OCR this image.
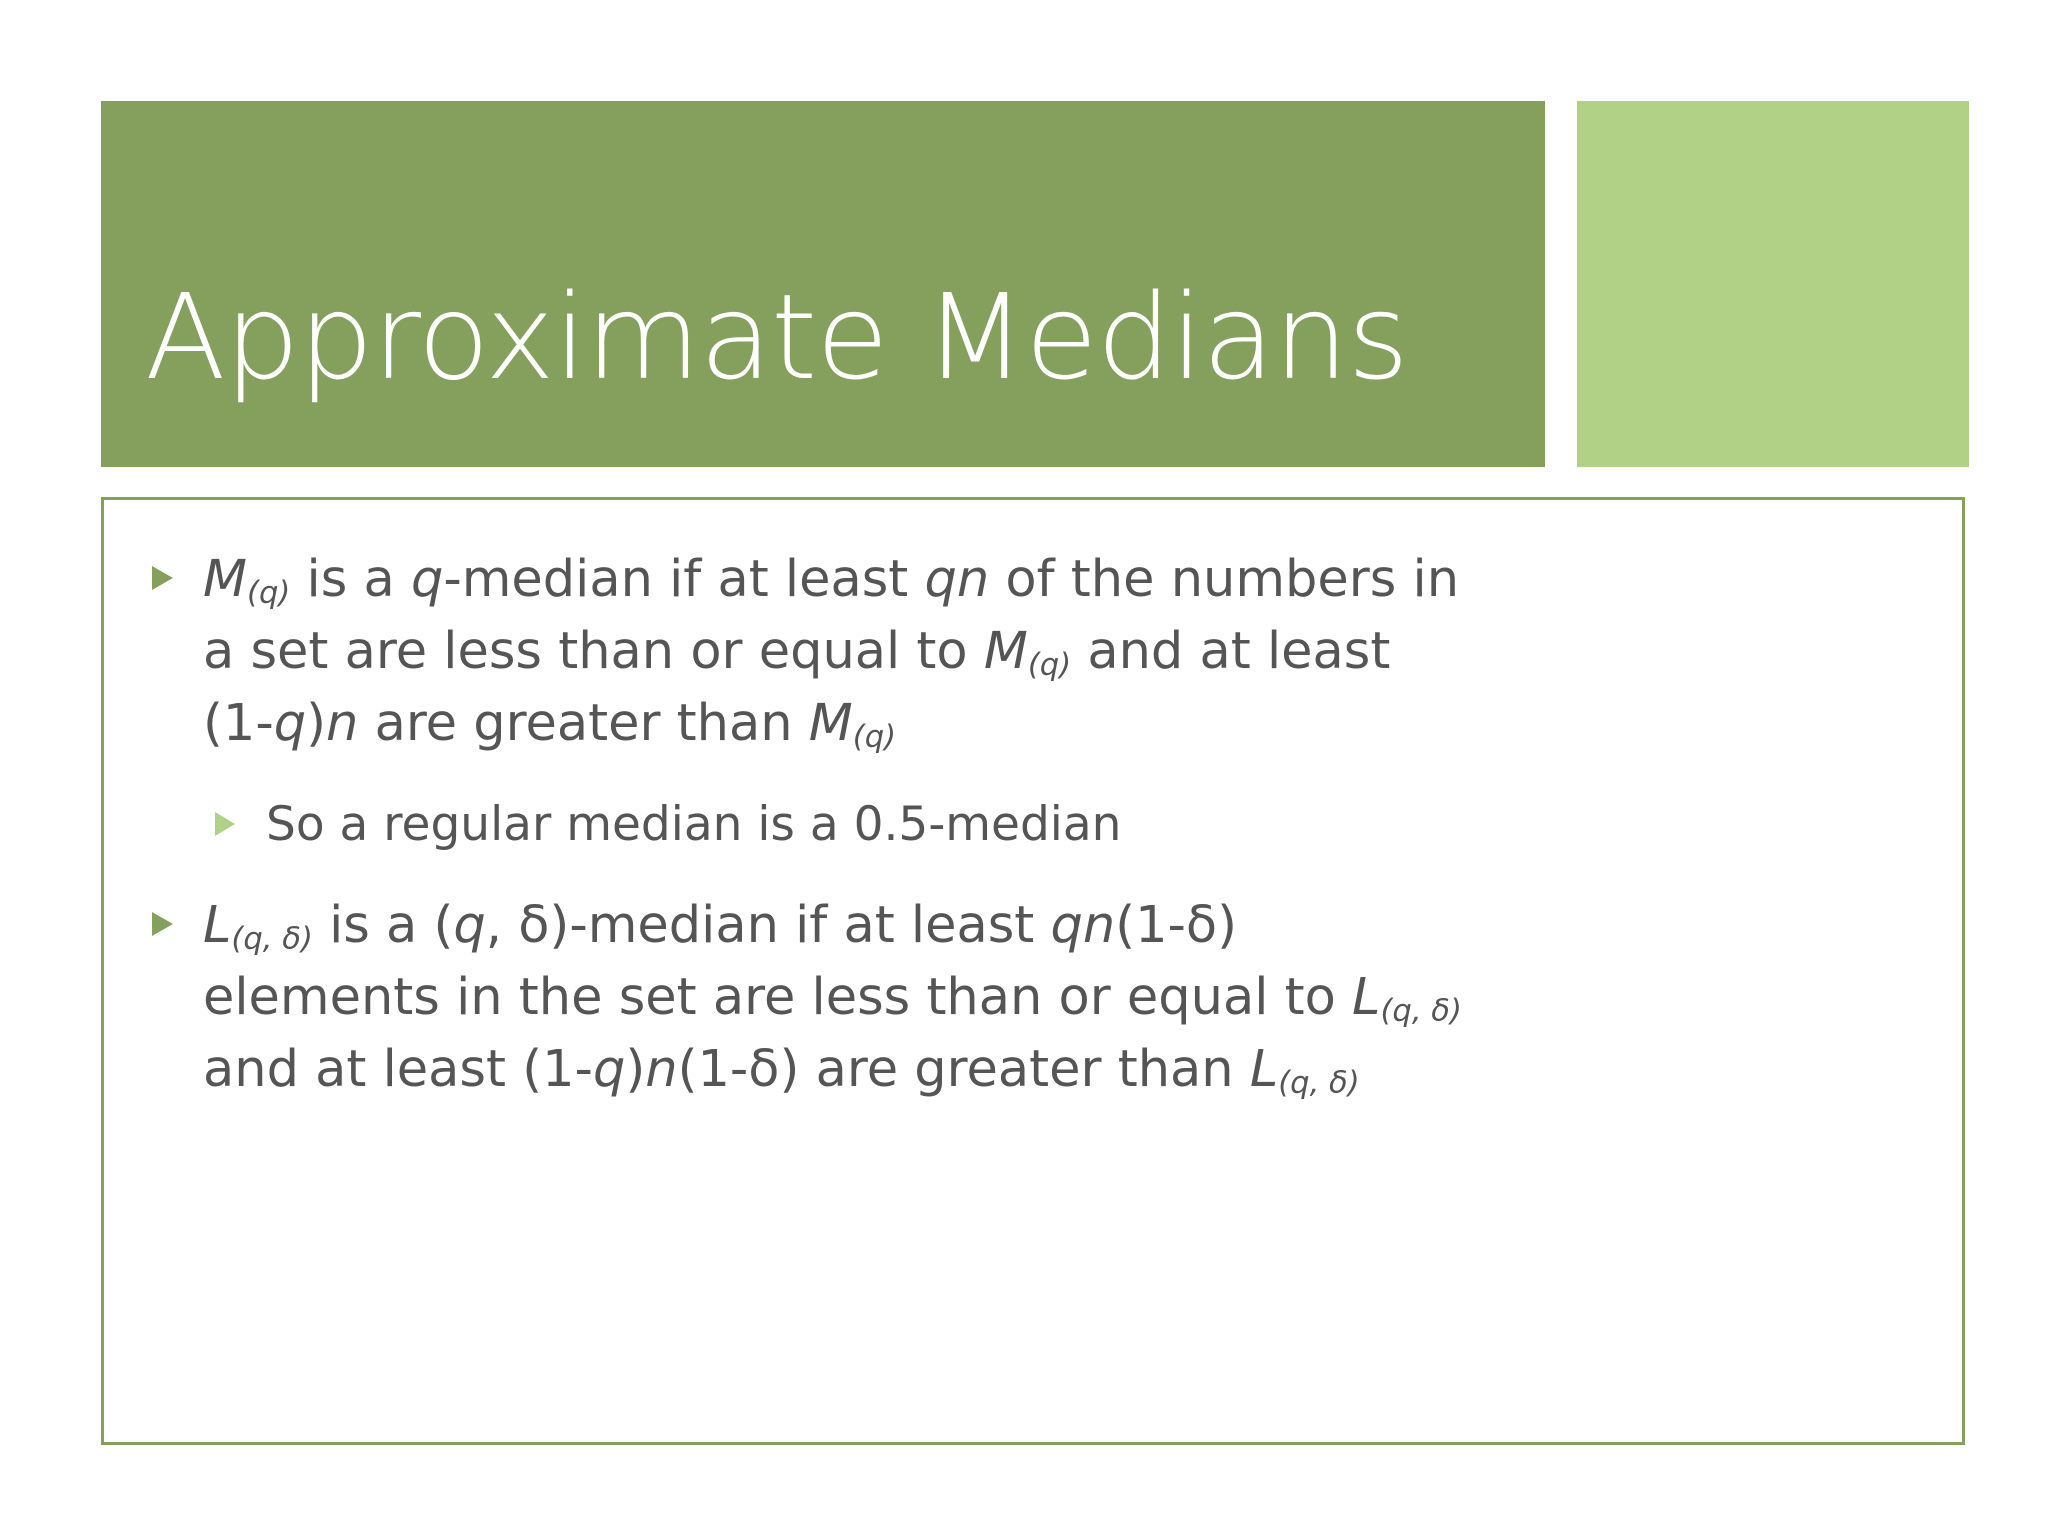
Approximate Medians
$M_{(q)}$ is a q-median if at least qn of the numbers in
a set are less than or equal to $M_{(q)}$ and at least
(1-q)n are greater than $M_{(q)}$
So a regular median is a 0.5-median
$L_{(q, \delta)}$ is a (q, δ)-median if at least qn(1-δ)
elements in the set are less than or equal to $L_{(q, \delta)}$
and at least (1-q)n(1-δ) are greater than $L_{(q, \delta)}$
